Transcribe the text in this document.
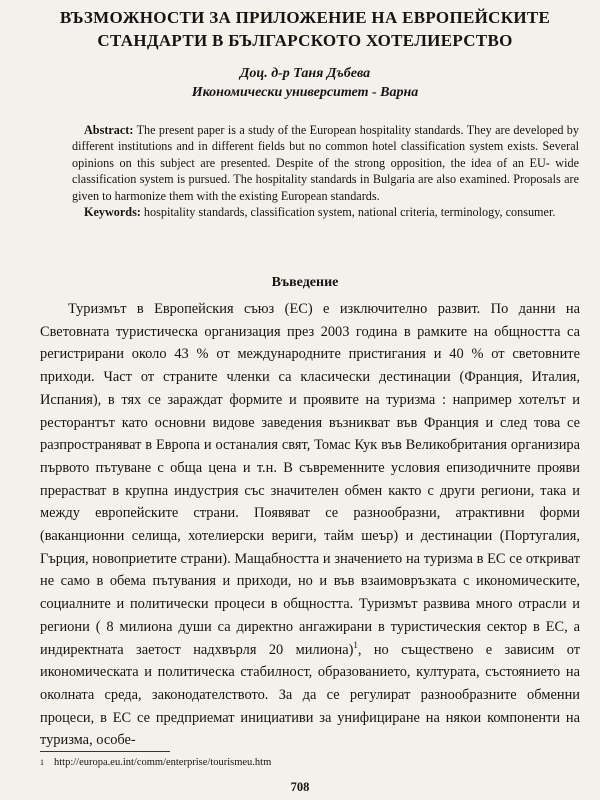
ВЪЗМОЖНОСТИ ЗА ПРИЛОЖЕНИЕ НА ЕВРОПЕЙСКИТЕ
СТАНДАРТИ В БЪЛГАРСКОТО ХОТЕЛИЕРСТВО
Доц. д-р Таня Дъбева
Икономически университет - Варна

Abstract: The present paper is a study of the European hospitality standards. They are developed by different institutions and in different fields but no common hotel classification system exists. Several opinions on this subject are presented. Despite of the strong opposition, the idea of an EU- wide classification system is pursued. The hospitality standards in Bulgaria are also examined. Proposals are given to harmonize them with the existing European standards.

Keywords: hospitality standards, classification system, national criteria, terminology, consumer.

Въведение

Туризмът в Европейския съюз (ЕС) е изключително развит. По данни на Световната туристическа организация през 2003 година в рамките на общността са регистрирани около 43 % от международните пристигания и 40 % от световните приходи. Част от страните членки са класически дестинации (Франция, Италия, Испания), в тях се зараждат формите и проявите на туризма : например хотелът и ресторантът като основни видове заведения възникват във Франция и след това се разпространяват в Европа и останалия свят, Томас Кук във Великобритания организира първото пътуване с обща цена и т.н. В съвременните условия епизодичните прояви прерастват в крупна индустрия със значителен обмен както с други региони, така и между европейските страни. Появяват се разнообразни, атрактивни форми (ваканционни селища, хотелиерски вериги, тайм шеър) и дестинации (Португалия, Гърция, новоприетите страни). Мащабността и значението на туризма в ЕС се откриват не само в обема пътувания и приходи, но и във взаимовръзката с икономическите, социалните и политически процеси в общността. Туризмът развива много отрасли и региони ( 8 милиона души са директно ангажирани в туристическия сектор в ЕС, а индиректната заетост надхвърля 20 милиона)$^1$, но съществено е зависим от икономическата и политическа стабилност, образованието, културата, състоянието на околната среда, законодателството. За да се регулират разнообразните обменни процеси, в ЕС се предприемат инициативи за унифициране на някои компоненти на туризма, особе-

1 http://europa.eu.int/comm/enterprise/tourismeu.htm
708
